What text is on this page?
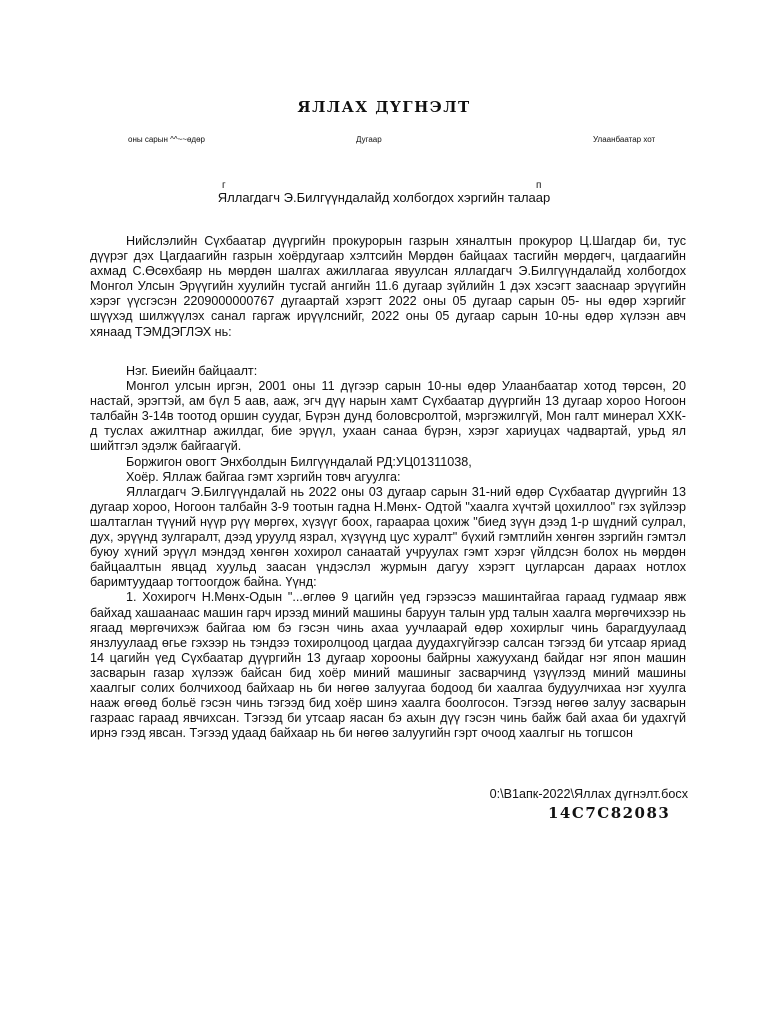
ЯЛЛАХ ДҮГНЭЛТ
оны сарын ^^~~өдөр	Дугаар	Улаанбаатар хот
г	п
Яллагдагч Э.Билгүүндалайд холбогдох хэргийн талаар

Нийслэлийн Сүхбаатар дүүргийн прокурорын газрын хяналтын прокурор Ц.Шагдар би, тус дүүрэг дэх Цагдаагийн газрын хоёрдугаар хэлтсийн Мөрдөн байцаах тасгийн мөрдөгч, цагдаагийн ахмад С.Өсөхбаяр нь мөрдөн шалгах ажиллагаа явуулсан яллагдагч Э.Билгүүндалайд холбогдох Монгол Улсын Эрүүгийн хуулийн тусгай ангийн 11.6 дугаар зүйлийн 1 дэх хэсэгт зааснаар эрүүгийн хэрэг үүсгэсэн 2209000000767 дугаартай хэрэгт 2022 оны 05 дугаар сарын 05- ны өдөр хэргийг шүүхэд шилжүүлэх санал гаргаж ирүүлснийг, 2022 оны 05 дугаар сарын 10-ны өдөр хүлээн авч хянаад ТЭМДЭГЛЭХ нь:

Нэг. Биеийн байцаалт:

Монгол улсын иргэн, 2001 оны 11 дүгээр сарын 10-ны өдөр Улаанбаатар хотод төрсөн, 20 настай, эрэгтэй, ам бүл 5 аав, ааж, эгч дүү нарын хамт Сүхбаатар дүүргийн 13 дугаар хороо Ногоон талбайн 3-14в тоотод оршин суудаг, Бүрэн дунд боловсролтой, мэргэжилгүй, Мон галт минерал ХХК-д туслах ажилтнар ажилдаг, бие эрүүл, ухаан санаа бүрэн, хэрэг хариуцах чадвартай, урьд ял шийтгэл эдэлж байгаагүй.

Боржигон овогт Энхболдын Билгүүндалай РД:УЦ01311038,

Хоёр. Яллаж байгаа гэмт хэргийн товч агуулга:

Яллагдагч Э.Билгүүндалай нь 2022 оны 03 дугаар сарын 31-ний өдөр Сүхбаатар дүүргийн 13 дугаар хороо, Ногоон талбайн 3-9 тоотын гадна Н.Мөнх- Одтой "хаалга хүчтэй цохиллоо" гэх зүйлээр шалтаглан түүний нүүр рүү мөргөх, хүзүүг боох, гараараа цохиж "биед зүүн дээд 1-р шүдний сулрал, дух, эрүүнд зулгаралт, дээд уруулд язрал, хүзүүнд цус хуралт" бүхий гэмтлийн хөнгөн зэргийн гэмтэл буюу хүний эрүүл мэндэд хөнгөн хохирол санаатай учруулах гэмт хэрэг үйлдсэн болох нь мөрдөн байцаалтын явцад хуульд заасан үндэслэл журмын дагуу хэрэгт цугларсан дараах нотлох баримтуудаар тогтоогдож байна. Үүнд:

1. Хохирогч Н.Мөнх-Одын "...өглөө 9 цагийн үед гэрээсээ машинтайгаа гараад гудмаар явж байхад хашаанаас машин гарч ирээд миний машины баруун талын урд талын хаалга мөргөчихээр нь ягаад мөргөчихэж байгаа юм бэ гэсэн чинь ахаа уучлаарай өдөр хохирлыг чинь барагдуулаад янзлуулаад өгье гэхээр нь тэндээ тохиролцоод цагдаа дуудахгүйгээр салсан тэгээд би утсаар яриад 14 цагийн үед Сүхбаатар дүүргийн 13 дугаар хорооны байрны хажууханд байдаг нэг япон машин засварын газар хүлээж байсан бид хоёр миний машиныг засварчинд үзүүлээд миний машины хаалгыг солих болчихоод байхаар нь би нөгөө залуугаа бодоод би хаалгаа будуулчихаа нэг хуулга нааж өгөөд больё гэсэн чинь тэгээд бид хоёр шинэ хаалга боолгосон. Тэгээд нөгөө залуу засварын газраас гараад явчихсан. Тэгээд би утсаар яасан бэ ахын дүү гэсэн чинь байж бай ахаа би удахгүй ирнэ гээд явсан. Тэгээд удаад байхаар нь би нөгөө залуугийн гэрт очоод хаалгыг нь тогшсон

0:\В1апк-2022\Яллах дүгнэлт.босх
14C7C82083
